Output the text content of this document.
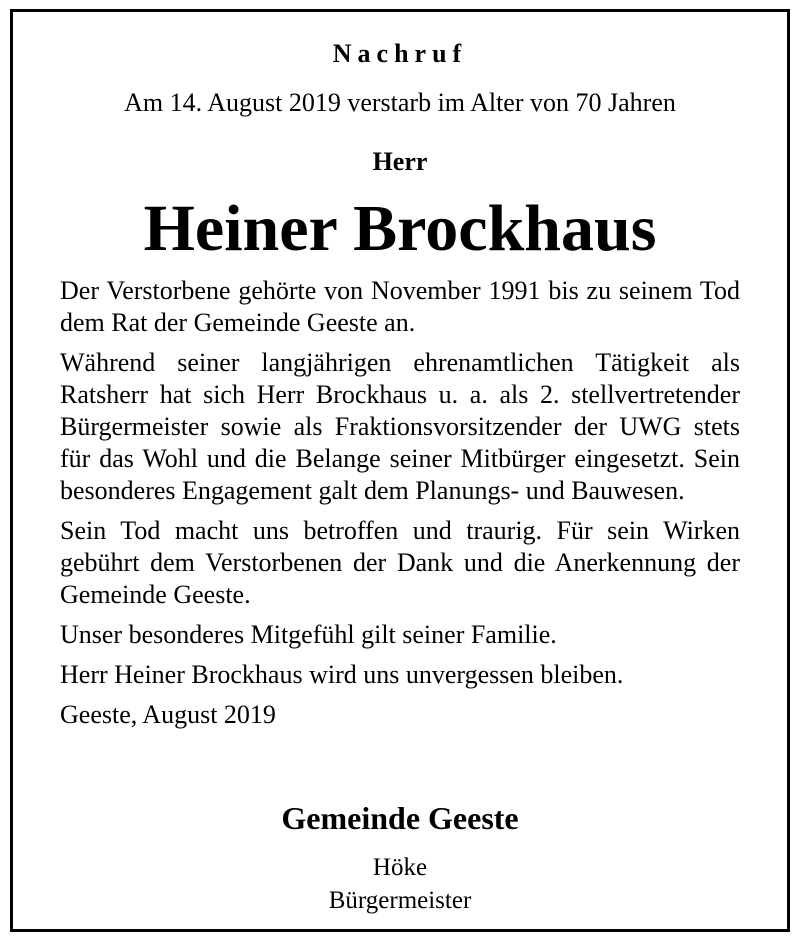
Nachruf
Am 14. August 2019 verstarb im Alter von 70 Jahren
Herr
Heiner Brockhaus

Der Verstorbene gehörte von November 1991 bis zu seinem Tod dem Rat der Gemeinde Geeste an.

Während seiner langjährigen ehrenamtlichen Tätigkeit als Ratsherr hat sich Herr Brockhaus u. a. als 2. stellvertretender Bürgermeister sowie als Fraktionsvorsitzender der UWG stets für das Wohl und die Belange seiner Mitbürger eingesetzt. Sein besonderes Engagement galt dem Planungs- und Bauwesen.

Sein Tod macht uns betroffen und traurig. Für sein Wirken gebührt dem Verstorbenen der Dank und die Anerkennung der Gemeinde Geeste.

Unser besonderes Mitgefühl gilt seiner Familie.

Herr Heiner Brockhaus wird uns unvergessen bleiben.

Geeste, August 2019

Gemeinde Geeste
Höke
Bürgermeister
